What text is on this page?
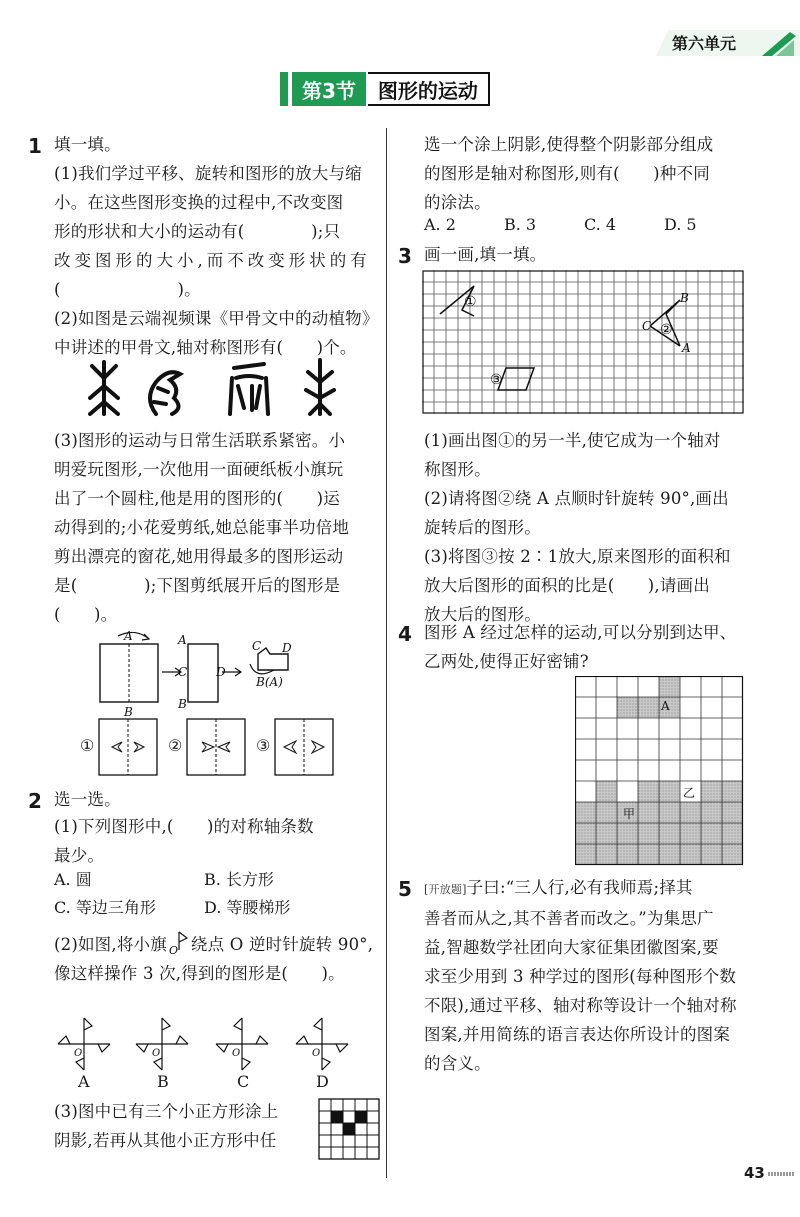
第六单元
第3节	图形的运动
1 填一填。
(1)我们学过平移、旋转和图形的放大与缩
小。在这些图形变换的过程中,不改变图
形的形状和大小的运动有(　　　　);只
改变图形的大小,而不改变形状的有
(　　　　　　　)。
(2)如图是云端视频课《甲骨文中的动植物》
中讲述的甲骨文,轴对称图形有(　　)个。
(3)图形的运动与日常生活联系紧密。小
明爱玩图形,一次他用一面硬纸板小旗玩
出了一个圆柱,他是用的图形的(　　)运
动得到的;小花爱剪纸,她总能事半功倍地
剪出漂亮的窗花,她用得最多的图形运动
是(　　　　);下图剪纸展开后的图形是
(　　)。
A
B
A
B
C D
C D
B(A)
①	②	③
2 选一选。
(1)下列图形中,(　　)的对称轴条数
最少。
A. 圆	B. 长方形
C. 等边三角形	D. 等腰梯形
(2)如图,将小旗 O 绕点 O 逆时针旋转 90°,
像这样操作 3 次,得到的图形是(　　)。
O	O	O	O
A	B	C	D
(3)图中已有三个小正方形涂上
阴影,若再从其他小正方形中任
选一个涂上阴影,使得整个阴影部分组成
的图形是轴对称图形,则有(　　)种不同
的涂法。
A. 2	B. 3	C. 4	D. 5
3 画一画,填一填。
①
②
③
A
B
C
(1)画出图①的另一半,使它成为一个轴对
称图形。
(2)请将图②绕 A 点顺时针旋转 90°,画出
旋转后的图形。
(3)将图③按 2∶1放大,原来图形的面积和
放大后图形的面积的比是(　　),请画出
放大后的图形。
4 图形 A 经过怎样的运动,可以分别到达甲、
乙两处,使得正好密铺?
A
甲
乙
5 [开放题]子曰:“三人行,必有我师焉;择其
善者而从之,其不善者而改之。”为集思广
益,智趣数学社团向大家征集团徽图案,要
求至少用到 3 种学过的图形(每种图形个数
不限),通过平移、轴对称等设计一个轴对称
图案,并用简练的语言表达你所设计的图案
的含义。
43
